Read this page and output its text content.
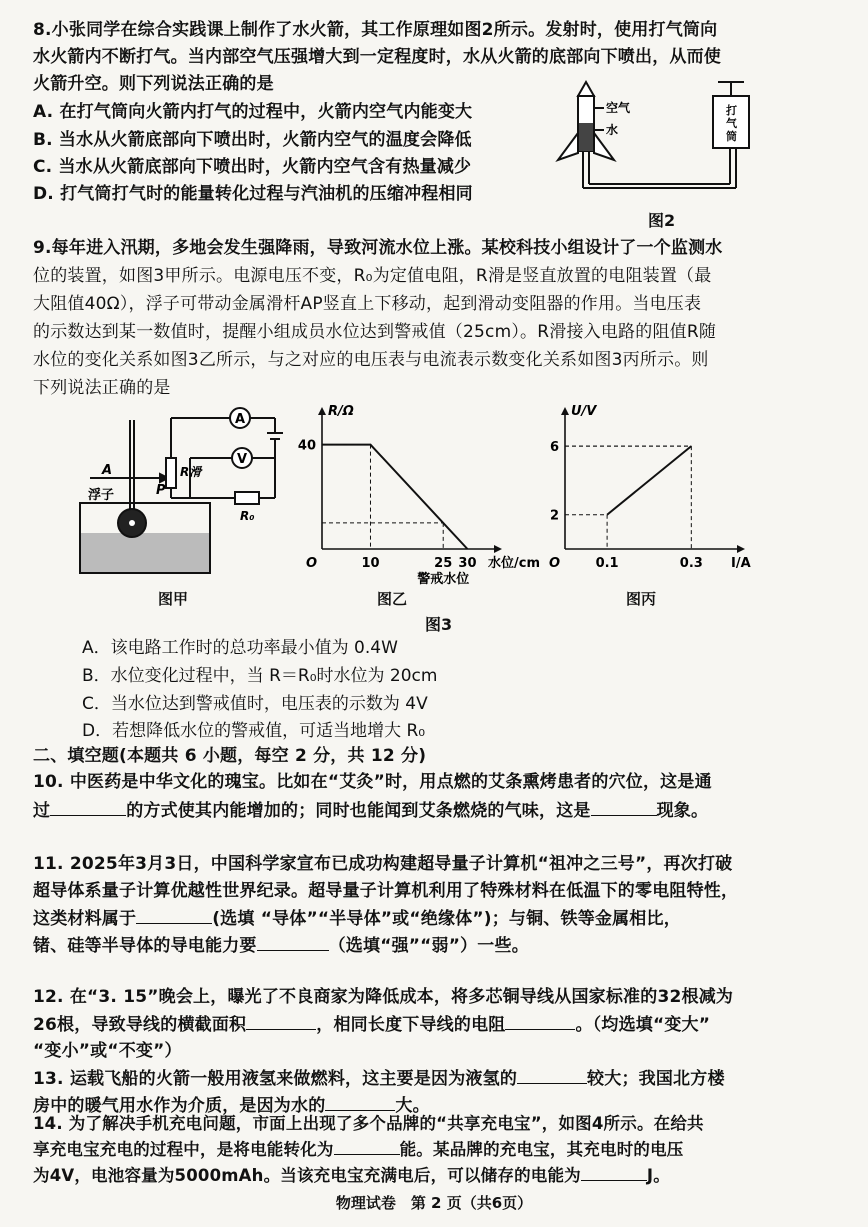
8.小张同学在综合实践课上制作了水火箭，其工作原理如图2所示。发射时，使用打气筒向
水火箭内不断打气。当内部空气压强增大到一定程度时，水从火箭的底部向下喷出，从而使
火箭升空。则下列说法正确的是
A. 在打气筒向火箭内打气的过程中，火箭内空气内能变大
B. 当水从火箭底部向下喷出时，火箭内空气的温度会降低
C. 当水从火箭底部向下喷出时，火箭内空气含有热量减少
D. 打气筒打气时的能量转化过程与汽油机的压缩冲程相同
空气
水
打 气 筒
图2
9.每年进入汛期，多地会发生强降雨，导致河流水位上涨。某校科技小组设计了一个监测水
位的装置，如图3甲所示。电源电压不变，R₀为定值电阻，R滑是竖直放置的电阻装置（最
大阻值40Ω），浮子可带动金属滑杆AP竖直上下移动，起到滑动变阻器的作用。当电压表
的示数达到某一数值时，提醒小组成员水位达到警戒值（25cm）。R滑接入电路的阻值R随
水位的变化关系如图3乙所示，与之对应的电压表与电流表示数变化关系如图3丙所示。则
下列说法正确的是
A
V
R滑
R₀
A
P
浮子
图甲
R/Ω
水位/cm
O	10	25 30
40
警戒水位
图乙
U/V
I/A
O	0.1	0.3
2
6
图丙
图3
A．该电路工作时的总功率最小值为 0.4W
B．水位变化过程中，当 R＝R₀时水位为 20cm
C．当水位达到警戒值时，电压表的示数为 4V
D．若想降低水位的警戒值，可适当地增大 R₀
二、填空题(本题共 6 小题，每空 2 分，共 12 分)
10. 中医药是中华文化的瑰宝。比如在“艾灸”时，用点燃的艾条熏烤患者的穴位，这是通
过	的方式使其内能增加的；同时也能闻到艾条燃烧的气味，这是	现象。
11. 2025年3月3日，中国科学家宣布已成功构建超导量子计算机“祖冲之三号”，再次打破
超导体系量子计算优越性世界纪录。超导量子计算机利用了特殊材料在低温下的零电阻特性，
这类材料属于	(选填 “导体”“半导体”或“绝缘体”)；与铜、铁等金属相比，
锗、硅等半导体的导电能力要	（选填“强”“弱”）一些。
12. 在“3. 15”晚会上，曝光了不良商家为降低成本，将多芯铜导线从国家标准的32根减为
26根，导致导线的横截面积	，相同长度下导线的电阻	。（均选填“变大”
“变小”或“不变”）
13. 运载飞船的火箭一般用液氢来做燃料，这主要是因为液氢的	较大；我国北方楼
房中的暖气用水作为介质，是因为水的	大。
14. 为了解决手机充电问题，市面上出现了多个品牌的“共享充电宝”，如图4所示。在给共
享充电宝充电的过程中，是将电能转化为	能。某品牌的充电宝，其充电时的电压
物理试卷　第 2 页（共6页）
为4V，电池容量为5000mAh。当该充电宝充满电后，可以储存的电能为	J。
